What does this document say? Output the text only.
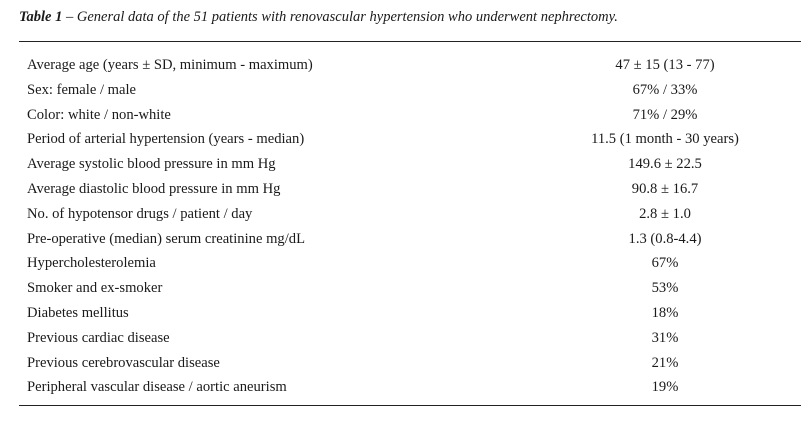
Table 1 – General data of the 51 patients with renovascular hypertension who underwent nephrectomy.
Average age (years ± SD, minimum - maximum)	47 ± 15 (13 - 77)
Sex: female / male	67% / 33%
Color: white / non-white	71% / 29%
Period of arterial hypertension (years - median)	11.5 (1 month - 30 years)
Average systolic blood pressure in mm Hg	149.6 ± 22.5
Average diastolic blood pressure in mm Hg	90.8 ± 16.7
No. of hypotensor drugs / patient / day	2.8 ± 1.0
Pre-operative (median) serum creatinine mg/dL	1.3 (0.8-4.4)
Hypercholesterolemia	67%
Smoker and ex-smoker	53%
Diabetes mellitus	18%
Previous cardiac disease	31%
Previous cerebrovascular disease	21%
Peripheral vascular disease / aortic aneurism	19%
